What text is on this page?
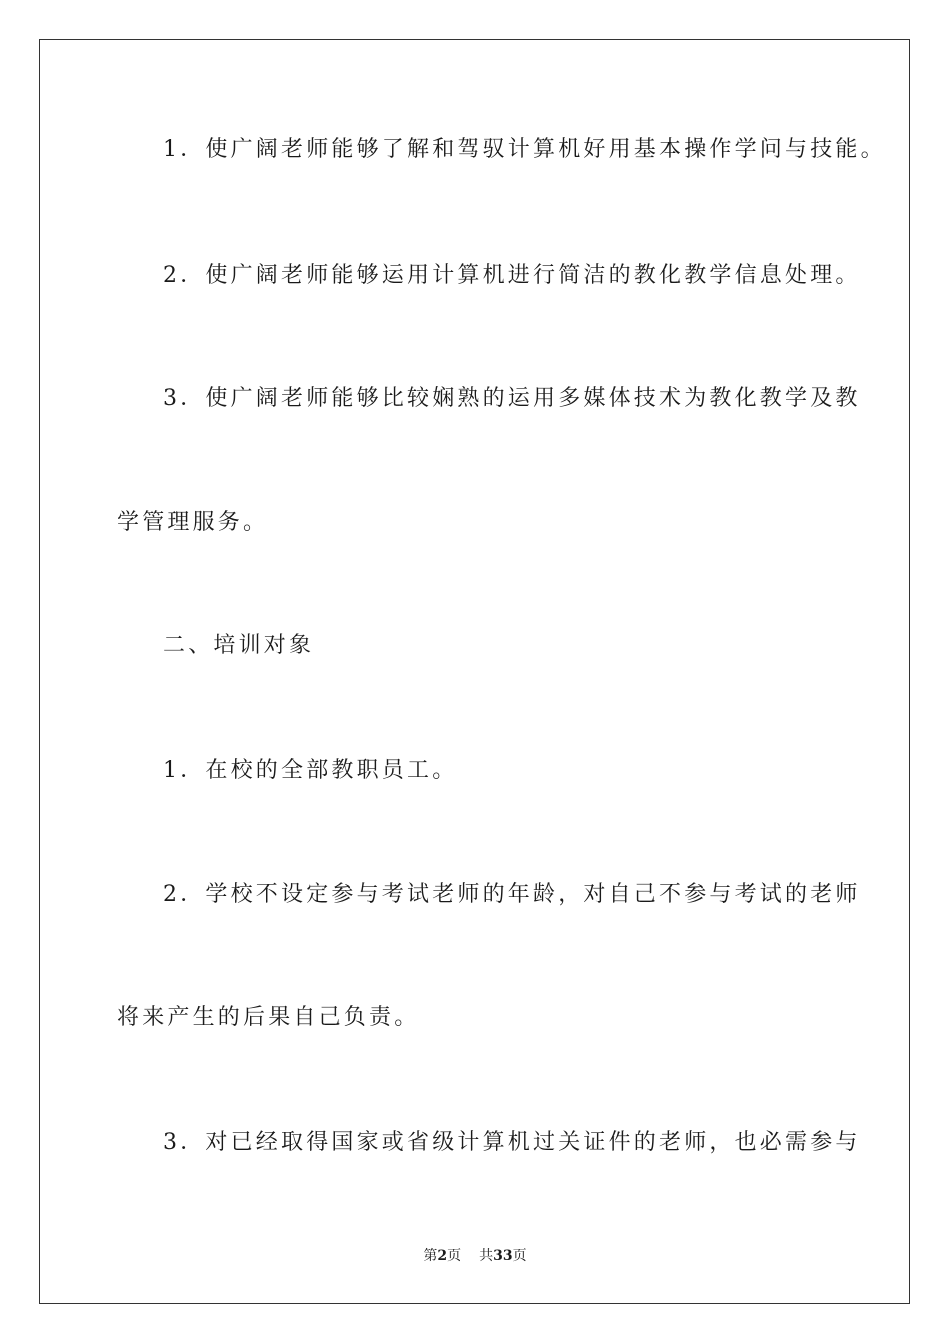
1．使广阔老师能够了解和驾驭计算机好用基本操作学问与技能。
2．使广阔老师能够运用计算机进行简洁的教化教学信息处理。
3．使广阔老师能够比较娴熟的运用多媒体技术为教化教学及教
学管理服务。
二、培训对象
1．在校的全部教职员工。
2．学校不设定参与考试老师的年龄，对自己不参与考试的老师
将来产生的后果自己负责。
3．对已经取得国家或省级计算机过关证件的老师，也必需参与
第2页 共33页
